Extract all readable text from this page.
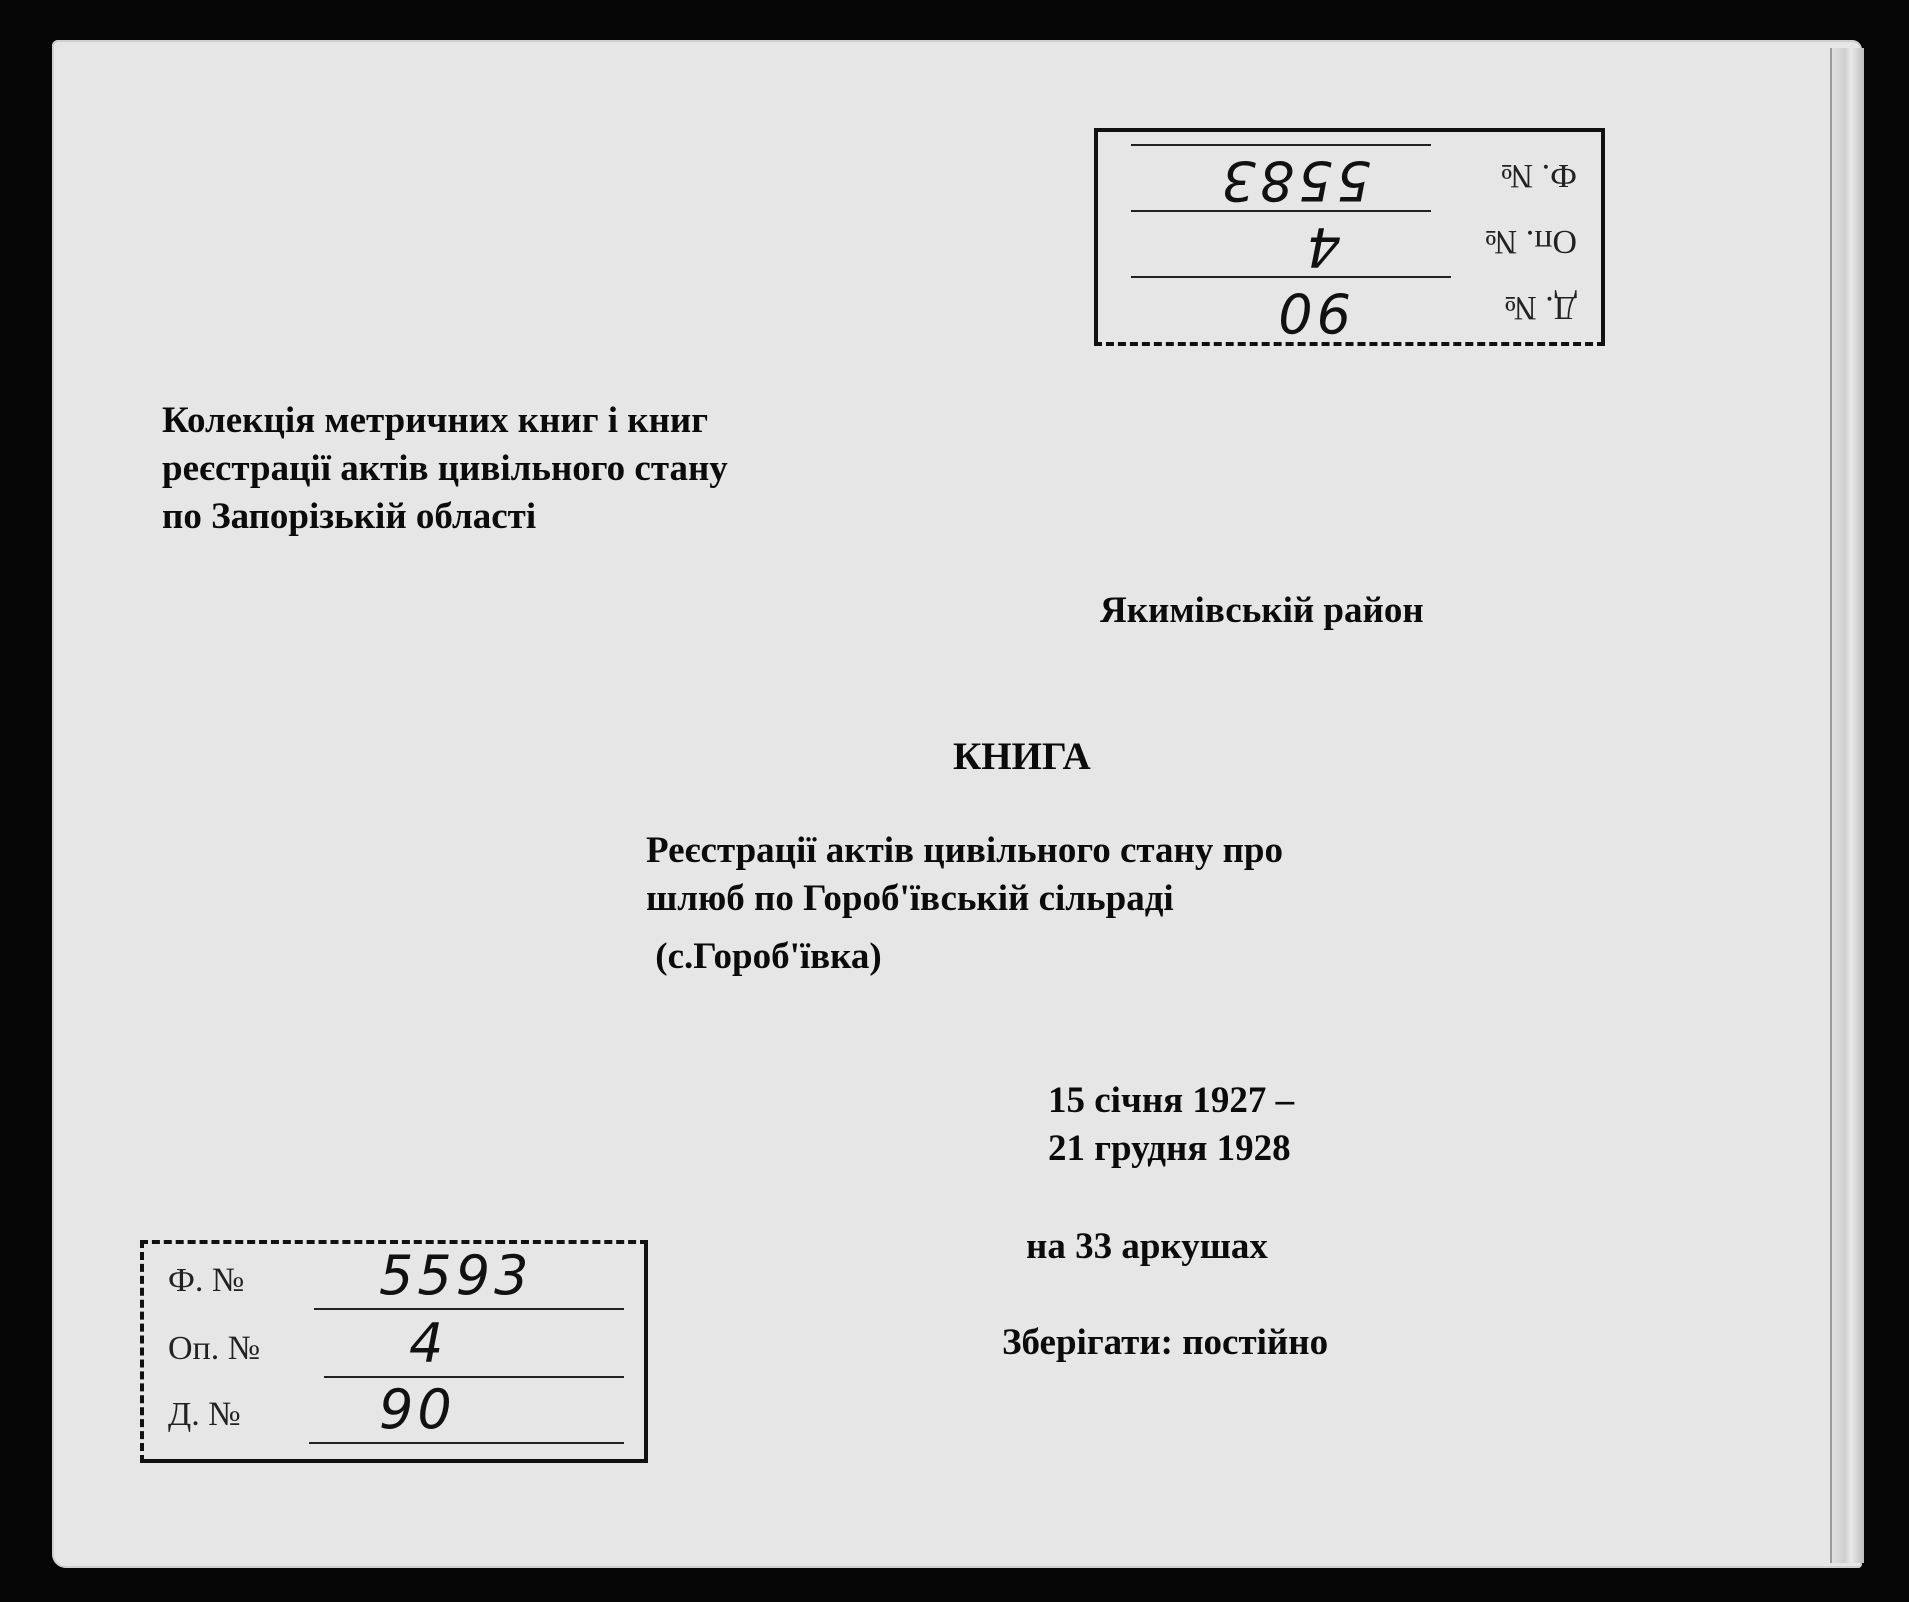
Д. №
90
Оп. №
4
Ф. №
5583

Колекція метричних книг і книг

реєстрації актів цивільного стану

по Запорізькій області

Якимівській район

КНИГА

Реєстрації актів цивільного стану про

шлюб по Гороб'ївській сільраді

(с.Гороб'ївка)

15 січня 1927 –

21 грудня 1928

на 33 аркушах

Зберігати: постійно

Ф. № 5593
Оп. №	4
Д. №	90
